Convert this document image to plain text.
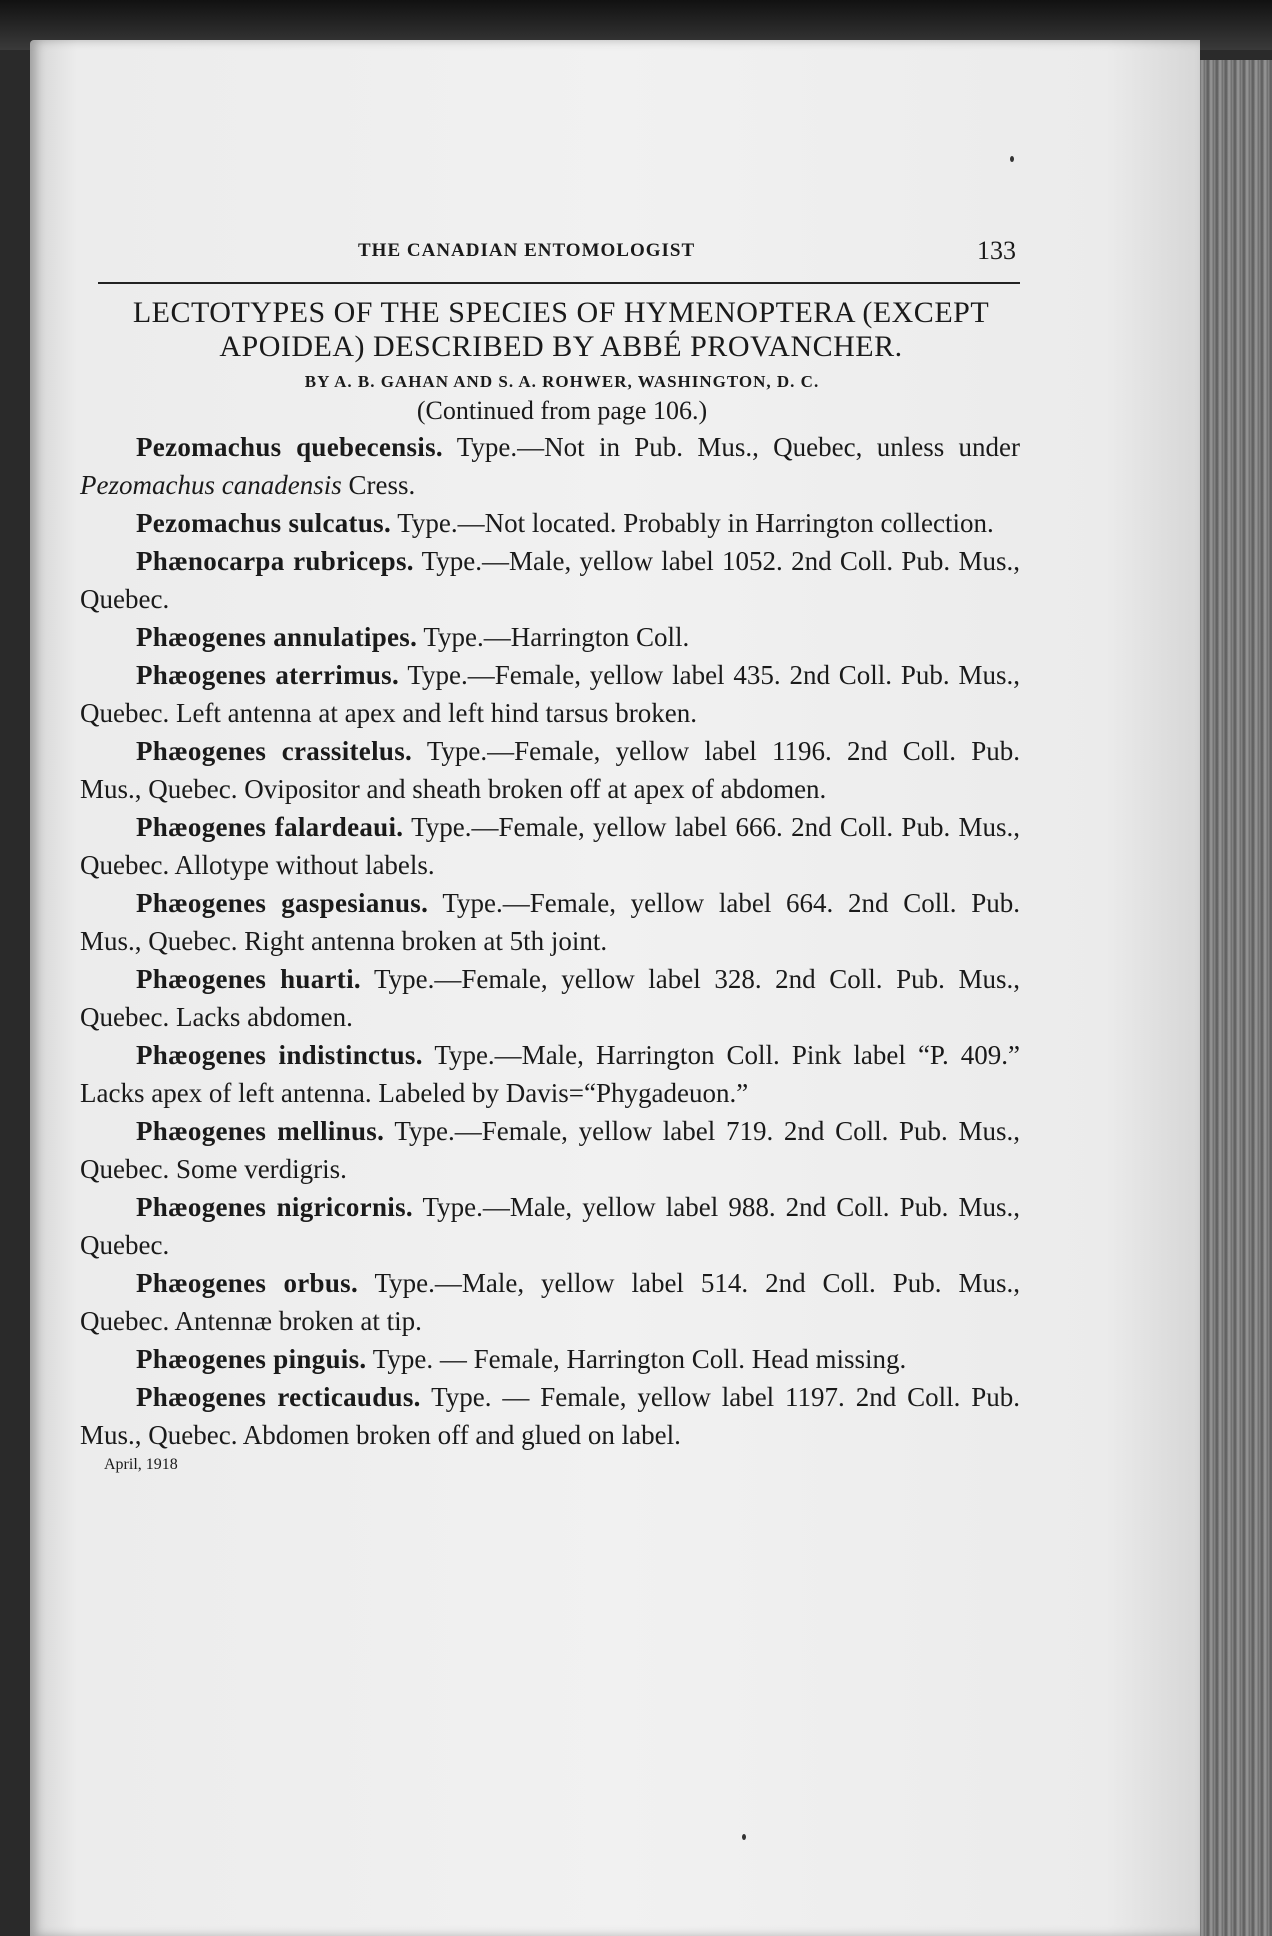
THE CANADIAN ENTOMOLOGIST	133
LECTOTYPES OF THE SPECIES OF HYMENOPTERA (EXCEPT APOIDEA) DESCRIBED BY ABBÉ PROVANCHER.
BY A. B. GAHAN AND S. A. ROHWER, WASHINGTON, D. C.
(Continued from page 106.)

Pezomachus quebecensis. Type.—Not in Pub. Mus., Quebec, unless under Pezomachus canadensis Cress.

Pezomachus sulcatus. Type.—Not located. Probably in Harrington collection.

Phænocarpa rubriceps. Type.—Male, yellow label 1052. 2nd Coll. Pub. Mus., Quebec.

Phæogenes annulatipes. Type.—Harrington Coll.

Phæogenes aterrimus. Type.—Female, yellow label 435. 2nd Coll. Pub. Mus., Quebec. Left antenna at apex and left hind tarsus broken.

Phæogenes crassitelus. Type.—Female, yellow label 1196. 2nd Coll. Pub. Mus., Quebec. Ovipositor and sheath broken off at apex of abdomen.

Phæogenes falardeaui. Type.—Female, yellow label 666. 2nd Coll. Pub. Mus., Quebec. Allotype without labels.

Phæogenes gaspesianus. Type.—Female, yellow label 664. 2nd Coll. Pub. Mus., Quebec. Right antenna broken at 5th joint.

Phæogenes huarti. Type.—Female, yellow label 328. 2nd Coll. Pub. Mus., Quebec. Lacks abdomen.

Phæogenes indistinctus. Type.—Male, Harrington Coll. Pink label “P. 409.” Lacks apex of left antenna. Labeled by Davis=“Phygadeuon.”

Phæogenes mellinus. Type.—Female, yellow label 719. 2nd Coll. Pub. Mus., Quebec. Some verdigris.

Phæogenes nigricornis. Type.—Male, yellow label 988. 2nd Coll. Pub. Mus., Quebec.

Phæogenes orbus. Type.—Male, yellow label 514. 2nd Coll. Pub. Mus., Quebec. Antennæ broken at tip.

Phæogenes pinguis. Type. — Female, Harrington Coll. Head missing.

Phæogenes recticaudus. Type. — Female, yellow label 1197. 2nd Coll. Pub. Mus., Quebec. Abdomen broken off and glued on label.

April, 1918
